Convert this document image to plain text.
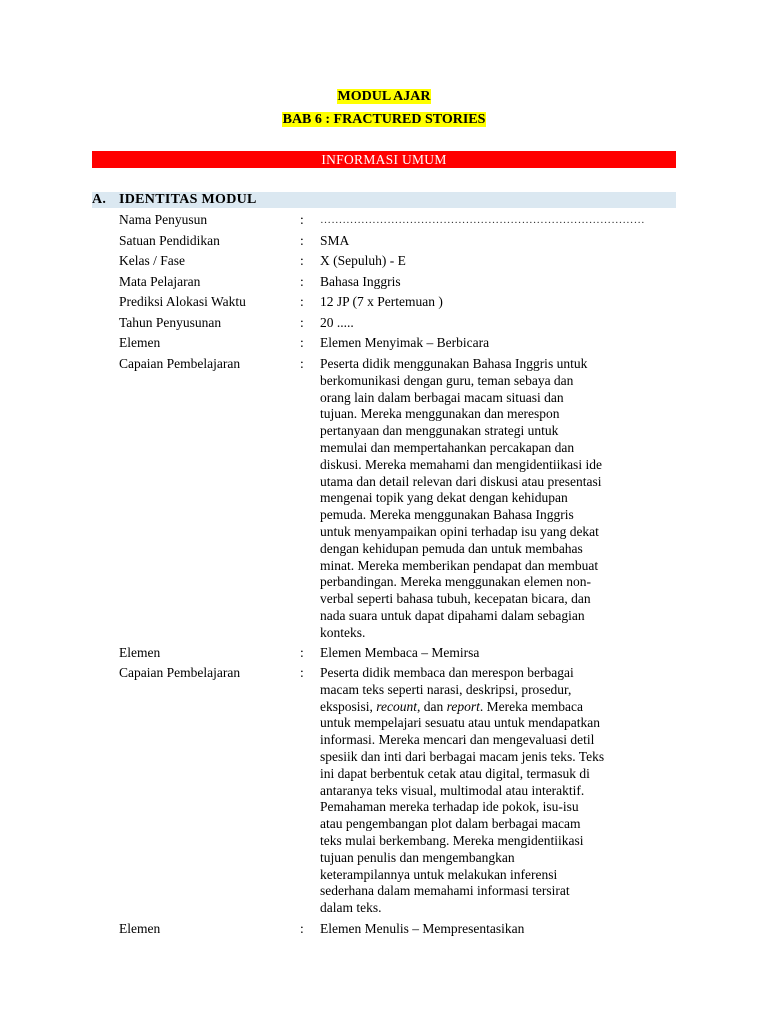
MODUL AJAR
BAB 6 : FRACTURED STORIES
INFORMASI UMUM
A. IDENTITAS MODUL
Nama Penyusun	: ……………………………………………………………………………
Satuan Pendidikan	: SMA
Kelas / Fase	: X (Sepuluh) - E
Mata Pelajaran	: Bahasa Inggris
Prediksi Alokasi Waktu	: 12 JP (7 x Pertemuan )
Tahun Penyusunan	: 20 .....
Elemen	: Elemen Menyimak – Berbicara
Capaian Pembelajaran	: Peserta didik menggunakan Bahasa Inggris untuk
berkomunikasi dengan guru, teman sebaya dan
orang lain dalam berbagai macam situasi dan
tujuan. Mereka menggunakan dan merespon
pertanyaan dan menggunakan strategi untuk
memulai dan mempertahankan percakapan dan
diskusi. Mereka memahami dan mengidentiikasi ide
utama dan detail relevan dari diskusi atau presentasi
mengenai topik yang dekat dengan kehidupan
pemuda. Mereka menggunakan Bahasa Inggris
untuk menyampaikan opini terhadap isu yang dekat
dengan kehidupan pemuda dan untuk membahas
minat. Mereka memberikan pendapat dan membuat
perbandingan. Mereka menggunakan elemen non-
verbal seperti bahasa tubuh, kecepatan bicara, dan
nada suara untuk dapat dipahami dalam sebagian
konteks.
Elemen	: Elemen Membaca – Memirsa
Capaian Pembelajaran	: Peserta didik membaca dan merespon berbagai
macam teks seperti narasi, deskripsi, prosedur,
eksposisi, recount, dan report. Mereka membaca
untuk mempelajari sesuatu atau untuk mendapatkan
informasi. Mereka mencari dan mengevaluasi detil
spesiik dan inti dari berbagai macam jenis teks. Teks
ini dapat berbentuk cetak atau digital, termasuk di
antaranya teks visual, multimodal atau interaktif.
Pemahaman mereka terhadap ide pokok, isu-isu
atau pengembangan plot dalam berbagai macam
teks mulai berkembang. Mereka mengidentiikasi
tujuan penulis dan mengembangkan
keterampilannya untuk melakukan inferensi
sederhana dalam memahami informasi tersirat
dalam teks.
Elemen	: Elemen Menulis – Mempresentasikan
